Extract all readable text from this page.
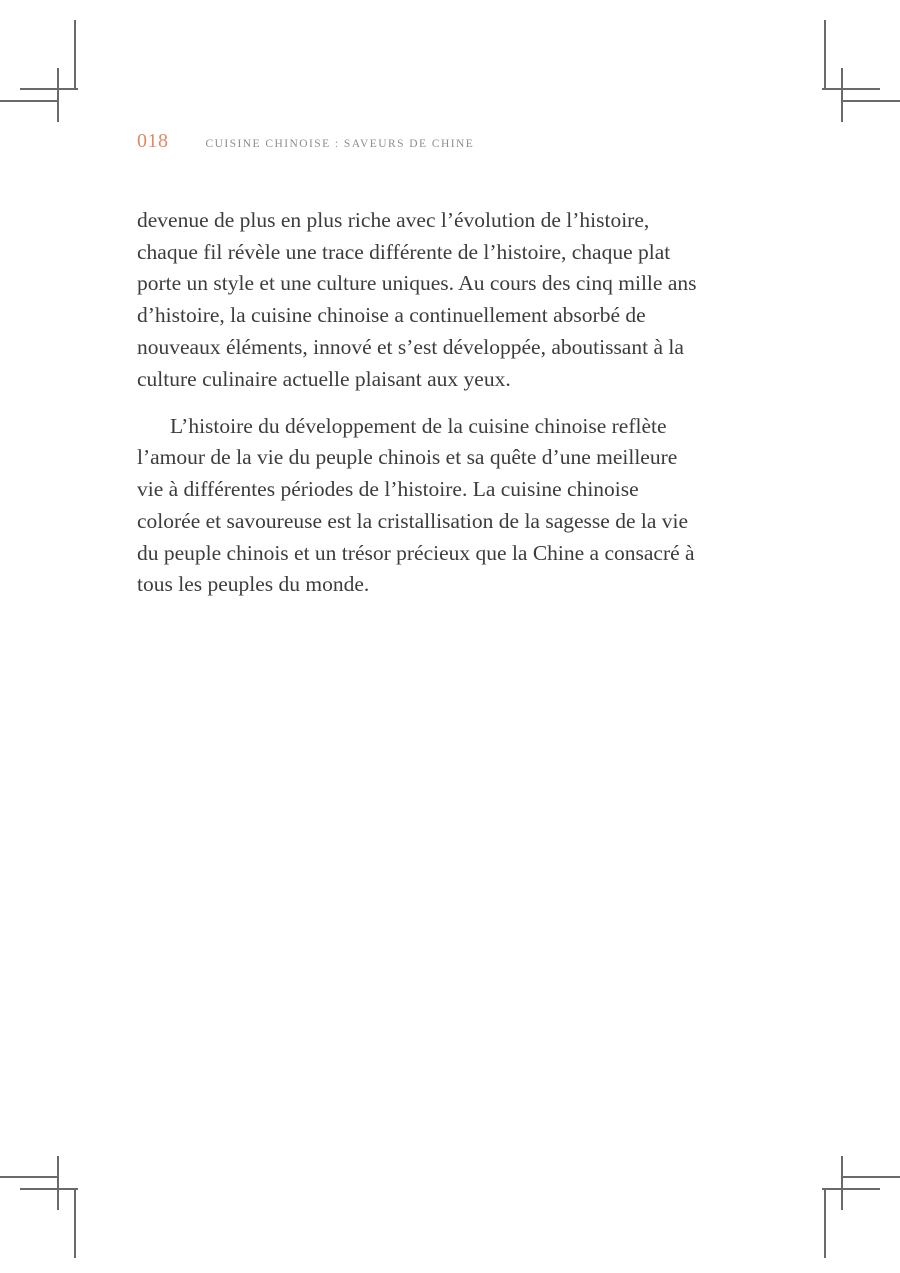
018	CUISINE CHINOISE : SAVEURS DE CHINE

devenue de plus en plus riche avec l’évolution de l’histoire, chaque fil révèle une trace différente de l’histoire, chaque plat porte un style et une culture uniques. Au cours des cinq mille ans d’histoire, la cuisine chinoise a continuellement absorbé de nouveaux éléments, innové et s’est développée, aboutissant à la culture culinaire actuelle plaisant aux yeux.

L’histoire du développement de la cuisine chinoise reflète l’amour de la vie du peuple chinois et sa quête d’une meilleure vie à différentes périodes de l’histoire. La cuisine chinoise colorée et savoureuse est la cristallisation de la sagesse de la vie du peuple chinois et un trésor précieux que la Chine a consacré à tous les peuples du monde.
